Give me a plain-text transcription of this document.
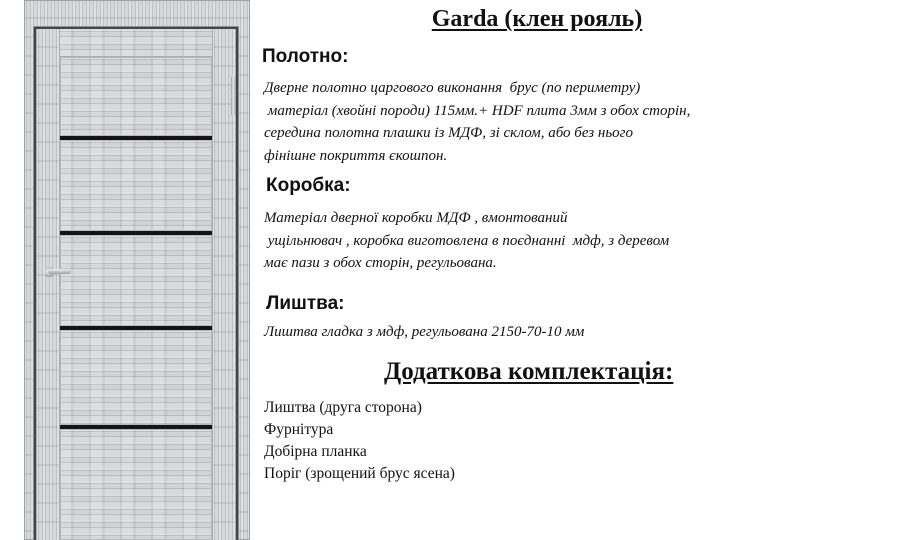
Garda (клен рояль)
Полотно:

Дверне полотно царгового виконання  брус (по периметру)
матеріал (хвойні породи) 115мм.+ HDF плита 3мм з обох сторін,
середина полотна плашки із МДФ, зі склом, або без нього
фінішне покриття єкошпон.

Коробка:

Матеріал дверної коробки МДФ , вмонтований
ущільнювач , коробка виготовлена в поєднанні  мдф, з деревом
має пази з обох сторін, регульована.

Лиштва:

Лиштва гладка з мдф, регульована 2150-70-10 мм

Додаткова комплектація:
Лиштва (друга сторона)
Фурнітура
Добірна планка
Поріг (зрощений брус ясена)
